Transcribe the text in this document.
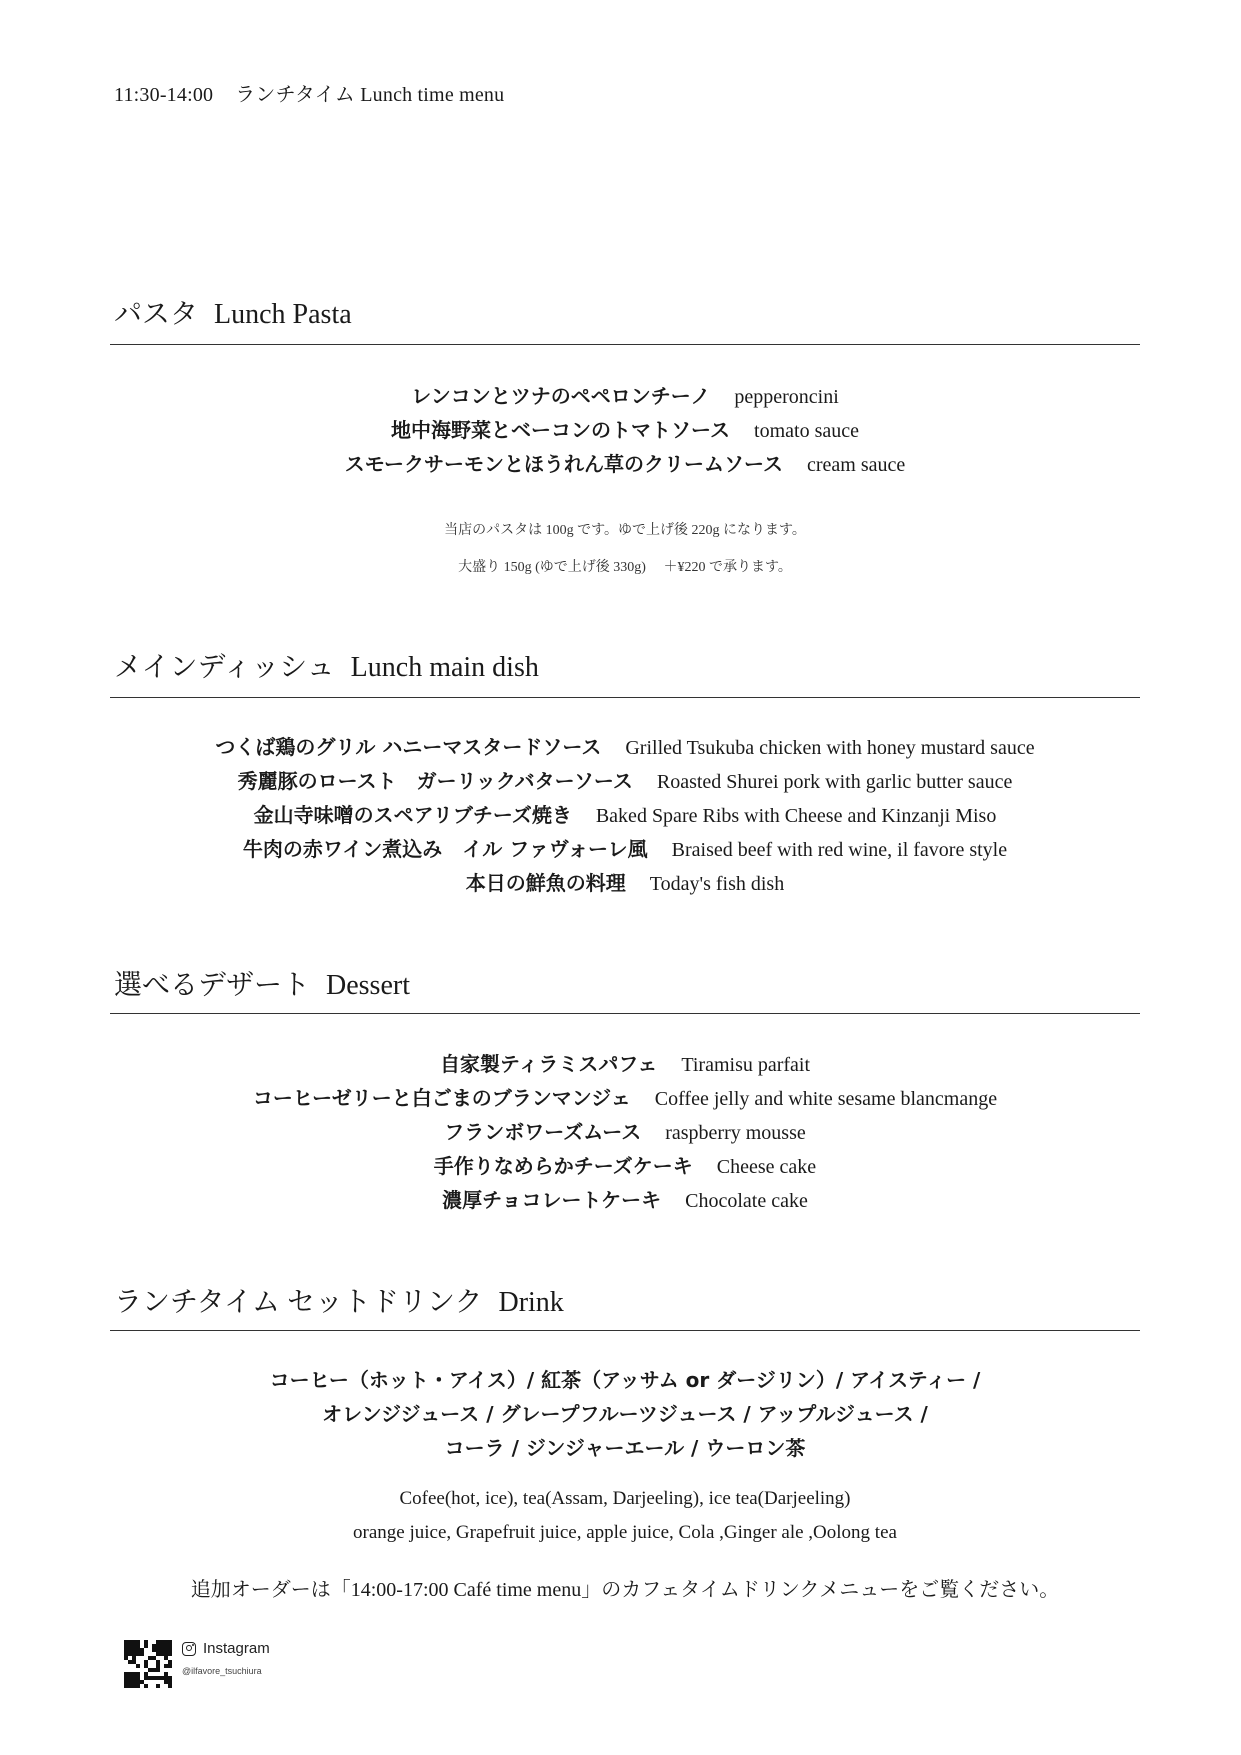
11:30-14:00 ランチタイム Lunch time menu
パスタ Lunch Pasta
レンコンとツナのペペロンチーノ pepperoncini
地中海野菜とベーコンのトマトソース tomato sauce
スモークサーモンとほうれん草のクリームソース cream sauce
当店のパスタは 100g です。ゆで上げ後 220g になります。
大盛り 150g (ゆで上げ後 330g)　 ＋¥220 で承ります。
メインディッシュ Lunch main dish
つくば鶏のグリル ハニーマスタードソース Grilled Tsukuba chicken with honey mustard sauce
秀麗豚のロースト　ガーリックバターソース Roasted Shurei pork with garlic butter sauce
金山寺味噌のスペアリブチーズ焼き Baked Spare Ribs with Cheese and Kinzanji Miso
牛肉の赤ワイン煮込み　イル ファヴォーレ風 Braised beef with red wine, il favore style
本日の鮮魚の料理 Today's fish dish
選べるデザート Dessert
自家製ティラミスパフェ Tiramisu parfait
コーヒーゼリーと白ごまのブランマンジェ Coffee jelly and white sesame blancmange
フランボワーズムース raspberry mousse
手作りなめらかチーズケーキ Cheese cake
濃厚チョコレートケーキ Chocolate cake
ランチタイム セットドリンク Drink
コーヒー（ホット・アイス）/ 紅茶（アッサム or ダージリン）/ アイスティー /
オレンジジュース / グレープフルーツジュース / アップルジュース /
コーラ / ジンジャーエール / ウーロン茶
Cofee(hot, ice), tea(Assam, Darjeeling), ice tea(Darjeeling)
orange juice, Grapefruit juice, apple juice, Cola ,Ginger ale ,Oolong tea
追加オーダーは「14:00-17:00 Café time menu」のカフェタイムドリンクメニューをご覧ください。
Instagram
@ilfavore_tsuchiura
